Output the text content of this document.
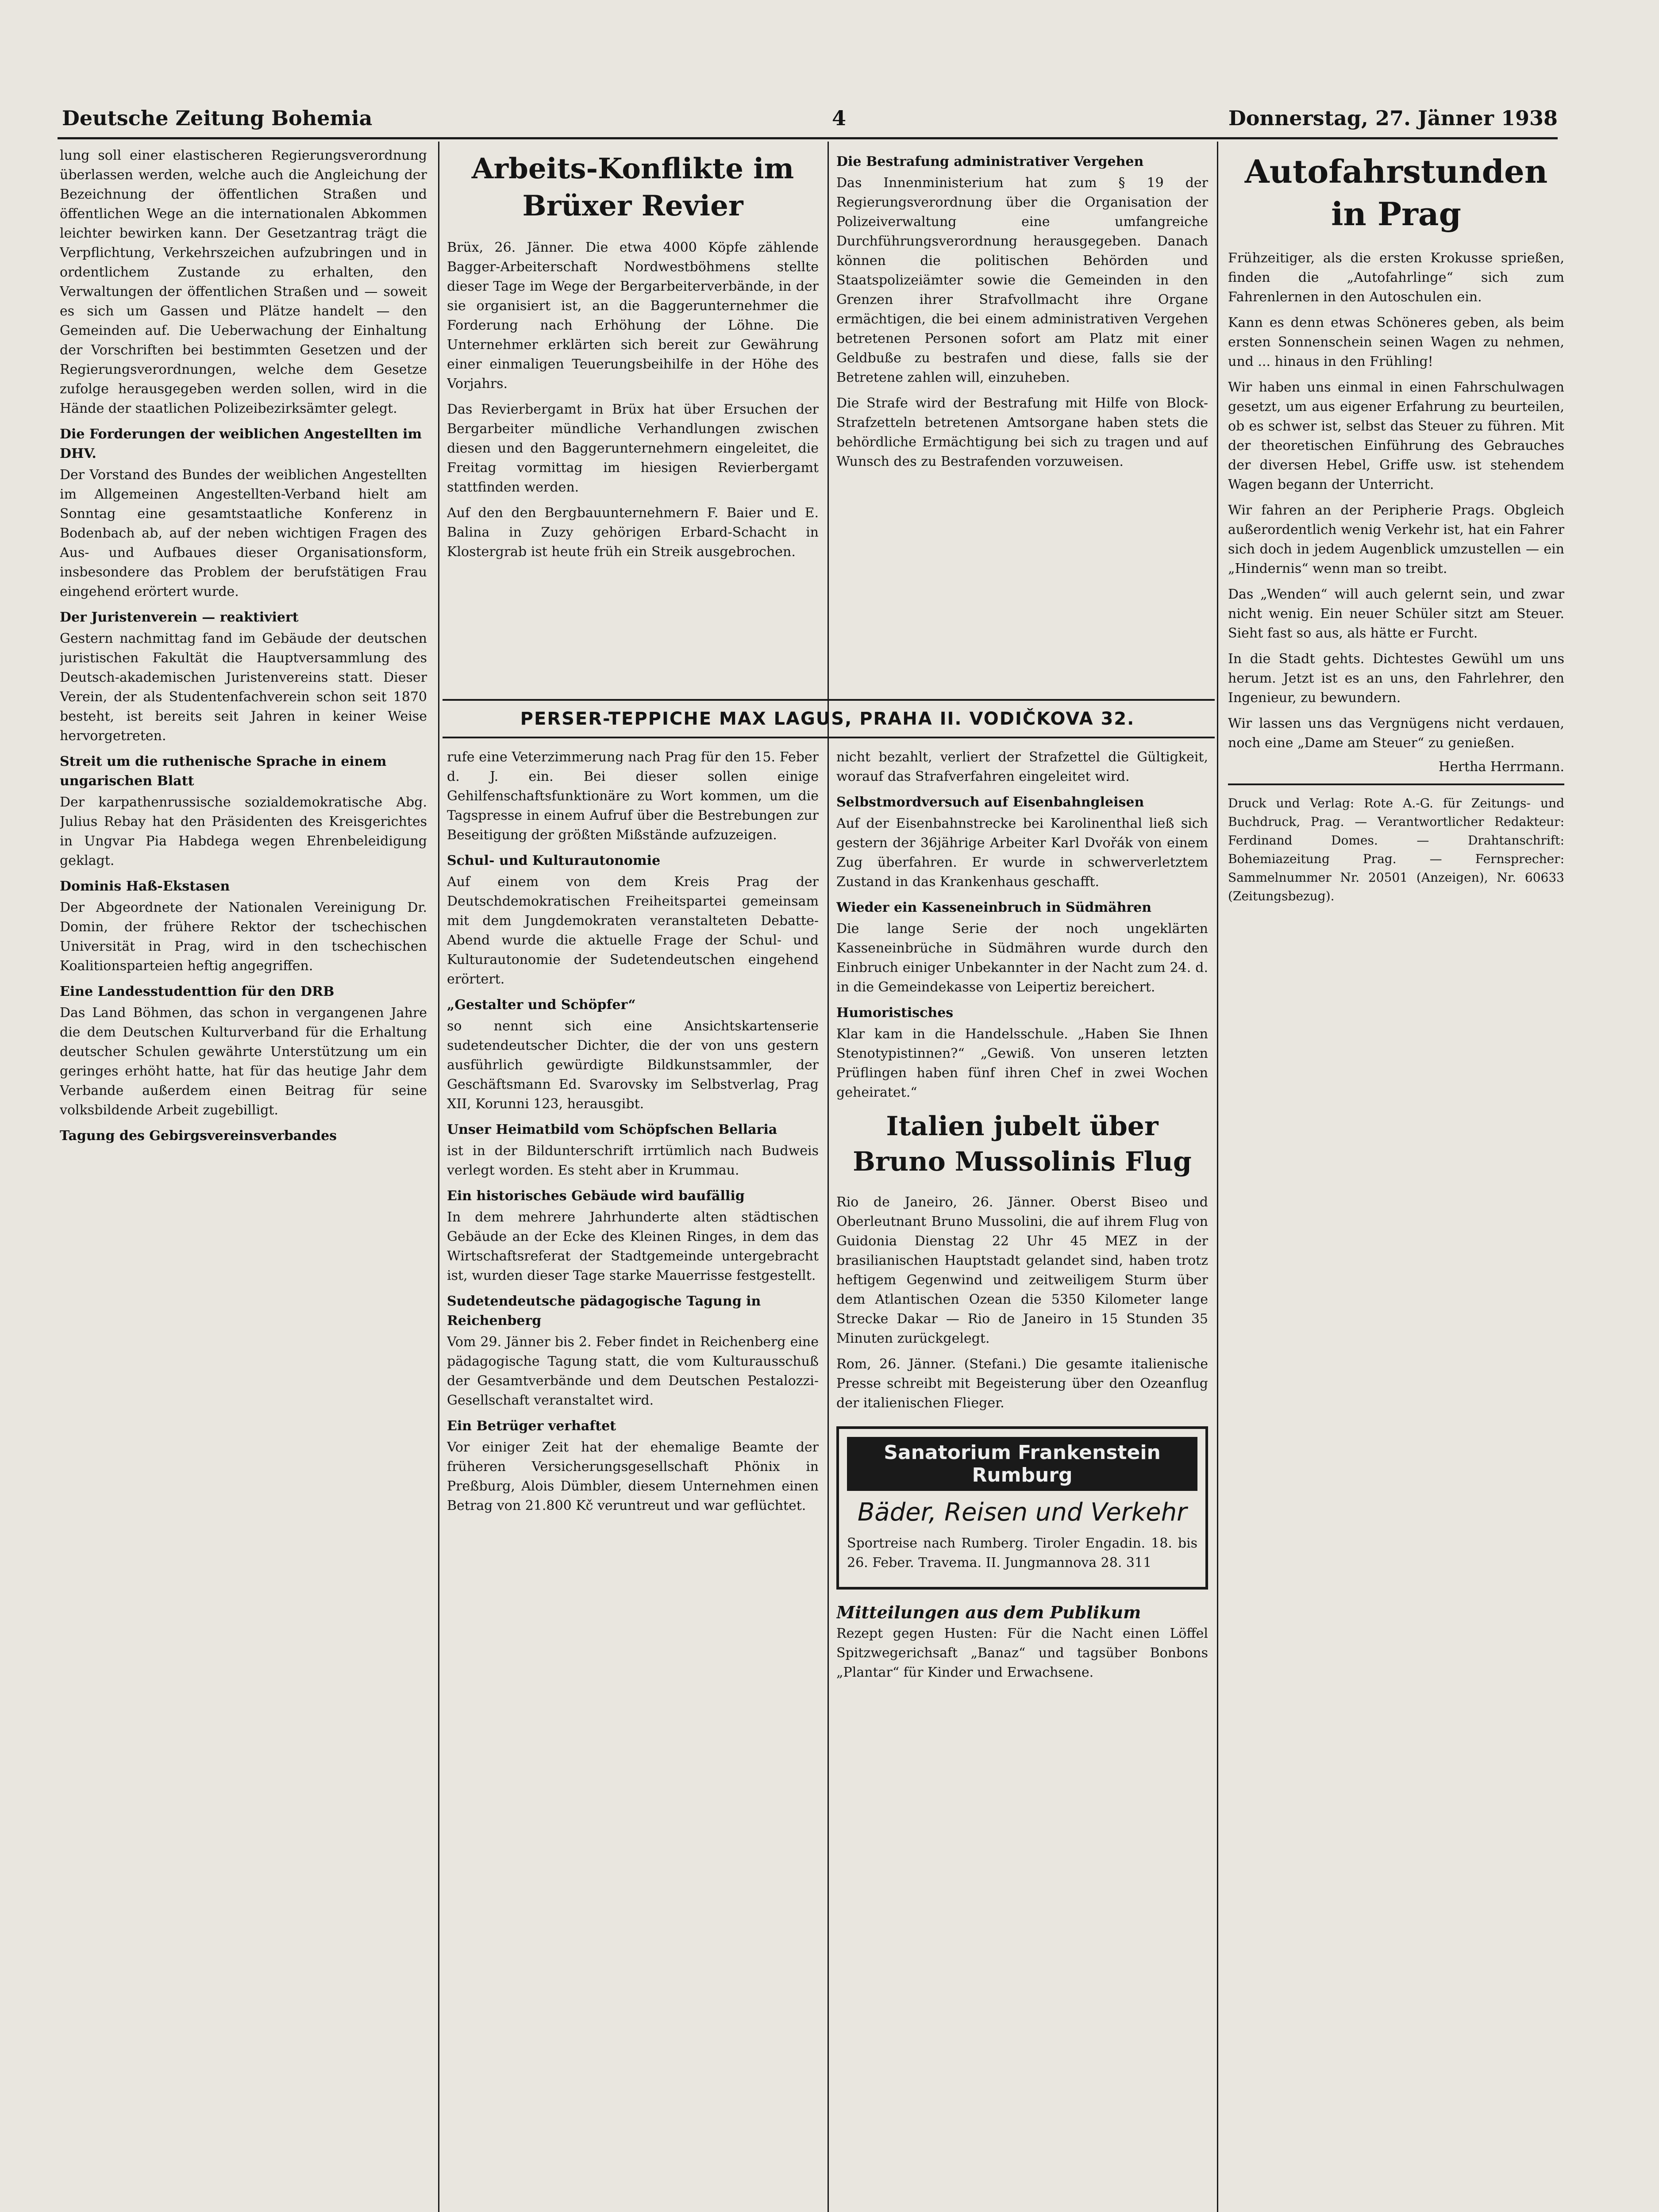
Deutsche Zeitung Bohemia	4	Donnerstag, 27. Jänner 1938

lung soll einer elastischeren Regierungsverordnung überlassen werden, welche auch die Angleichung der Bezeichnung der öffentlichen Straßen und öffentlichen Wege an die internationalen Abkommen leichter bewirken kann. Der Gesetzantrag trägt die Verpflichtung, Verkehrszeichen aufzubringen und in ordentlichem Zustande zu erhalten, den Verwaltungen der öffentlichen Straßen und — soweit es sich um Gassen und Plätze handelt — den Gemeinden auf. Die Ueberwachung der Einhaltung der Vorschriften bei bestimmten Gesetzen und der Regierungsverordnungen, welche dem Gesetze zufolge herausgegeben werden sollen, wird in die Hände der staatlichen Polizeibezirksämter gelegt.

Die Forderungen der weiblichen Angestellten im DHV.

Der Vorstand des Bundes der weiblichen Angestellten im Allgemeinen Angestellten-Verband hielt am Sonntag eine gesamtstaatliche Konferenz in Bodenbach ab, auf der neben wichtigen Fragen des Aus- und Aufbaues dieser Organisationsform, insbesondere das Problem der berufstätigen Frau eingehend erörtert wurde.

Der Juristenverein — reaktiviert

Gestern nachmittag fand im Gebäude der deutschen juristischen Fakultät die Hauptversammlung des Deutsch-akademischen Juristenvereins statt. Dieser Verein, der als Studentenfachverein schon seit 1870 besteht, ist bereits seit Jahren in keiner Weise hervorgetreten.

Streit um die ruthenische Sprache in einem ungarischen Blatt

Der karpathenrussische sozialdemokratische Abg. Julius Rebay hat den Präsidenten des Kreisgerichtes in Ungvar Pia Habdega wegen Ehrenbeleidigung geklagt.

Dominis Haß-Ekstasen

Der Abgeordnete der Nationalen Vereinigung Dr. Domin, der frühere Rektor der tschechischen Universität in Prag, wird in den tschechischen Koalitionsparteien heftig angegriffen.

Eine Landesstudenttion für den DRB

Das Land Böhmen, das schon in vergangenen Jahre die dem Deutschen Kulturverband für die Erhaltung deutscher Schulen gewährte Unterstützung um ein geringes erhöht hatte, hat für das heutige Jahr dem Verbande außerdem einen Beitrag für seine volksbildende Arbeit zugebilligt.

Tagung des Gebirgsvereinsverbandes
Arbeits-Konflikte im Brüxer Revier

Brüx, 26. Jänner. Die etwa 4000 Köpfe zählende Bagger-Arbeiterschaft Nordwestböhmens stellte dieser Tage im Wege der Bergarbeiterverbände, in der sie organisiert ist, an die Baggerunternehmer die Forderung nach Erhöhung der Löhne. Die Unternehmer erklärten sich bereit zur Gewährung einer einmaligen Teuerungsbeihilfe in der Höhe des Vorjahrs.

Das Revierbergamt in Brüx hat über Ersuchen der Bergarbeiter mündliche Verhandlungen zwischen diesen und den Baggerunternehmern eingeleitet, die Freitag vormittag im hiesigen Revierbergamt stattfinden werden.

Auf den den Bergbauunternehmern F. Baier und E. Balina in Zuzy gehörigen Erbard-Schacht in Klostergrab ist heute früh ein Streik ausgebrochen.

Die Bestrafung administrativer Vergehen

Das Innenministerium hat zum § 19 der Regierungsverordnung über die Organisation der Polizeiverwaltung eine umfangreiche Durchführungsverordnung herausgegeben. Danach können die politischen Behörden und Staatspolizeiämter sowie die Gemeinden in den Grenzen ihrer Strafvollmacht ihre Organe ermächtigen, die bei einem administrativen Vergehen betretenen Personen sofort am Platz mit einer Geldbuße zu bestrafen und diese, falls sie der Betretene zahlen will, einzuheben.

Die Strafe wird der Bestrafung mit Hilfe von Block-Strafzetteln betretenen Amtsorgane haben stets die behördliche Ermächtigung bei sich zu tragen und auf Wunsch des zu Bestrafenden vorzuweisen.

PERSER-TEPPICHE MAX LAGUS, PRAHA II. VODIČKOVA 32.

rufe eine Veterzimmerung nach Prag für den 15. Feber d. J. ein. Bei dieser sollen einige Gehilfenschaftsfunktionäre zu Wort kommen, um die Tagspresse in einem Aufruf über die Bestrebungen zur Beseitigung der größten Mißstände aufzuzeigen.

Schul- und Kulturautonomie

Auf einem von dem Kreis Prag der Deutschdemokratischen Freiheitspartei gemeinsam mit dem Jungdemokraten veranstalteten Debatte-Abend wurde die aktuelle Frage der Schul- und Kulturautonomie der Sudetendeutschen eingehend erörtert.

„Gestalter und Schöpfer“

so nennt sich eine Ansichtskartenserie sudetendeutscher Dichter, die der von uns gestern ausführlich gewürdigte Bildkunstsammler, der Geschäftsmann Ed. Svarovsky im Selbstverlag, Prag XII, Korunni 123, herausgibt.

Unser Heimatbild vom Schöpfschen Bellaria

ist in der Bildunterschrift irrtümlich nach Budweis verlegt worden. Es steht aber in Krummau.

Ein historisches Gebäude wird baufällig

In dem mehrere Jahrhunderte alten städtischen Gebäude an der Ecke des Kleinen Ringes, in dem das Wirtschaftsreferat der Stadtgemeinde untergebracht ist, wurden dieser Tage starke Mauerrisse festgestellt.

Sudetendeutsche pädagogische Tagung in Reichenberg

Vom 29. Jänner bis 2. Feber findet in Reichenberg eine pädagogische Tagung statt, die vom Kulturausschuß der Gesamtverbände und dem Deutschen Pestalozzi-Gesellschaft veranstaltet wird.

Ein Betrüger verhaftet

Vor einiger Zeit hat der ehemalige Beamte der früheren Versicherungsgesellschaft Phönix in Preßburg, Alois Dümbler, diesem Unternehmen einen Betrag von 21.800 Kč veruntreut und war geflüchtet.

nicht bezahlt, verliert der Strafzettel die Gültigkeit, worauf das Strafverfahren eingeleitet wird.

Selbstmordversuch auf Eisenbahngleisen

Auf der Eisenbahnstrecke bei Karolinenthal ließ sich gestern der 36jährige Arbeiter Karl Dvořák von einem Zug überfahren. Er wurde in schwerverletztem Zustand in das Krankenhaus geschafft.

Wieder ein Kasseneinbruch in Südmähren

Die lange Serie der noch ungeklärten Kasseneinbrüche in Südmähren wurde durch den Einbruch einiger Unbekannter in der Nacht zum 24. d. in die Gemeindekasse von Leipertiz bereichert.

Humoristisches

Klar kam in die Handelsschule. „Haben Sie Ihnen Stenotypistinnen?“ „Gewiß. Von unseren letzten Prüflingen haben fünf ihren Chef in zwei Wochen geheiratet.“

Italien jubelt über Bruno Mussolinis Flug

Rio de Janeiro, 26. Jänner. Oberst Biseo und Oberleutnant Bruno Mussolini, die auf ihrem Flug von Guidonia Dienstag 22 Uhr 45 MEZ in der brasilianischen Hauptstadt gelandet sind, haben trotz heftigem Gegenwind und zeitweiligem Sturm über dem Atlantischen Ozean die 5350 Kilometer lange Strecke Dakar — Rio de Janeiro in 15 Stunden 35 Minuten zurückgelegt.

Rom, 26. Jänner. (Stefani.) Die gesamte italienische Presse schreibt mit Begeisterung über den Ozeanflug der italienischen Flieger.

Sanatorium Frankenstein Rumburg
Bäder, Reisen und Verkehr

Sportreise nach Rumberg. Tiroler Engadin. 18. bis 26. Feber. Travema. II. Jungmannova 28. 311

Mitteilungen aus dem Publikum

Rezept gegen Husten: Für die Nacht einen Löffel Spitzwegerichsaft „Banaz“ und tagsüber Bonbons „Plantar“ für Kinder und Erwachsene.

Autofahrstunden in Prag

Frühzeitiger, als die ersten Krokusse sprießen, finden die „Autofahrlinge“ sich zum Fahrenlernen in den Autoschulen ein.

Kann es denn etwas Schöneres geben, als beim ersten Sonnenschein seinen Wagen zu nehmen, und ... hinaus in den Frühling!

Wir haben uns einmal in einen Fahrschulwagen gesetzt, um aus eigener Erfahrung zu beurteilen, ob es schwer ist, selbst das Steuer zu führen. Mit der theoretischen Einführung des Gebrauches der diversen Hebel, Griffe usw. ist stehendem Wagen begann der Unterricht.

Wir fahren an der Peripherie Prags. Obgleich außerordentlich wenig Verkehr ist, hat ein Fahrer sich doch in jedem Augenblick umzustellen — ein „Hindernis“ wenn man so treibt.

Das „Wenden“ will auch gelernt sein, und zwar nicht wenig. Ein neuer Schüler sitzt am Steuer. Sieht fast so aus, als hätte er Furcht.

In die Stadt gehts. Dichtestes Gewühl um uns herum. Jetzt ist es an uns, den Fahrlehrer, den Ingenieur, zu bewundern.

Wir lassen uns das Vergnügens nicht verdauen, noch eine „Dame am Steuer“ zu genießen.

Hertha Herrmann.
Druck und Verlag: Rote A.-G. für Zeitungs- und Buchdruck, Prag. — Verantwortlicher Redakteur: Ferdinand Domes. — Drahtanschrift: Bohemiazeitung Prag. — Fernsprecher: Sammelnummer Nr. 20501 (Anzeigen), Nr. 60633 (Zeitungsbezug).
